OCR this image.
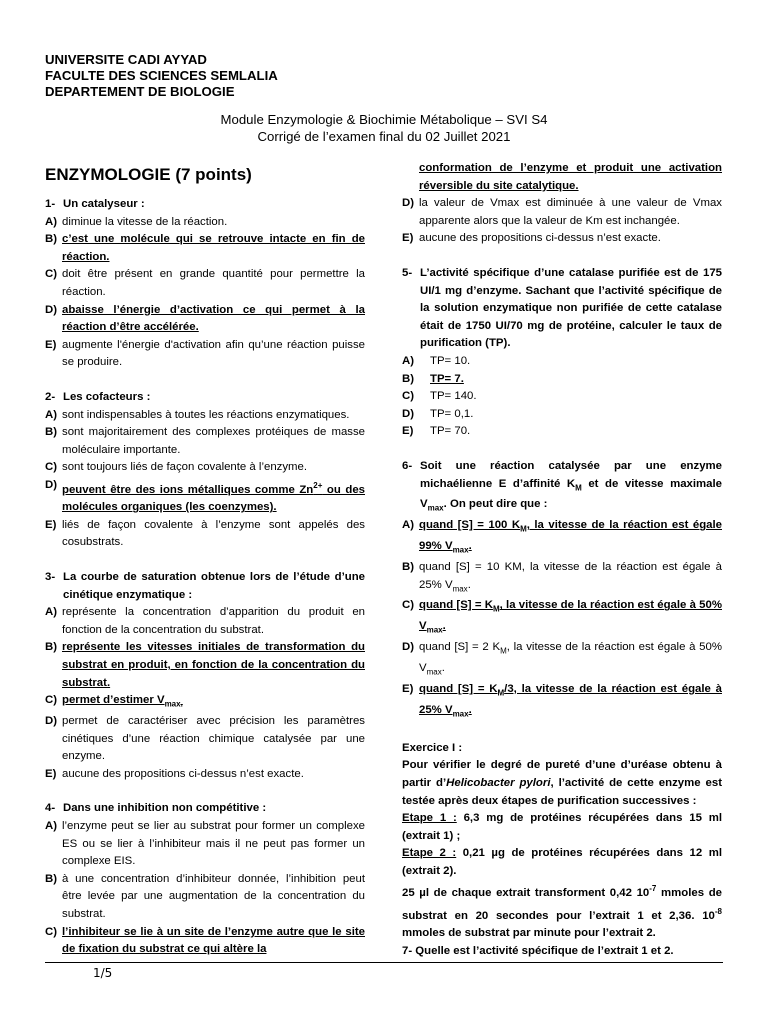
UNIVERSITE CADI AYYAD
FACULTE DES SCIENCES SEMLALIA
DEPARTEMENT DE BIOLOGIE
Module Enzymologie & Biochimie Métabolique – SVI S4
Corrigé de l’examen final du 02 Juillet 2021
ENZYMOLOGIE (7 points)
1- Un catalyseur :
A) diminue la vitesse de la réaction.
B) c’est une molécule qui se retrouve intacte en fin de réaction.
C) doit être présent en grande quantité pour permettre la réaction.
D) abaisse l’énergie d’activation ce qui permet à la réaction d’être accélérée.
E) augmente l'énergie d'activation afin qu’une réaction puisse se produire.
2- Les cofacteurs :
A) sont indispensables à toutes les réactions enzymatiques.
B) sont majoritairement des complexes protéiques de masse moléculaire importante.
C) sont toujours liés de façon covalente à l’enzyme.
D) peuvent être des ions métalliques comme $Zn^{2+}$ ou des molécules organiques (les coenzymes).
E) liés de façon covalente à l’enzyme sont appelés des cosubstrats.
3- La courbe de saturation obtenue lors de l’étude d’une cinétique enzymatique :
A) représente la concentration d’apparition du produit en fonction de la concentration du substrat.
B) représente les vitesses initiales de transformation du substrat en produit, en fonction de la concentration du substrat.
C) permet d’estimer $V_{max.}$
D) permet de caractériser avec précision les paramètres cinétiques d’une réaction chimique catalysée par une enzyme.
E) aucune des propositions ci-dessus n’est exacte.
4- Dans une inhibition non compétitive :
A) l’enzyme peut se lier au substrat pour former un complexe ES ou se lier à l’inhibiteur mais il ne peut pas former un complexe EIS.
B) à une concentration d’inhibiteur donnée, l’inhibition peut être levée par une augmentation de la concentration du substrat.
C) l’inhibiteur se lie à un site de l’enzyme autre que le site de fixation du substrat ce qui altère la
conformation de l’enzyme et produit une activation réversible du site catalytique.
D) la valeur de Vmax est diminuée à une valeur de Vmax apparente alors que la valeur de Km est inchangée.
E) aucune des propositions ci-dessus n’est exacte.
5- L’activité spécifique d’une catalase purifiée est de 175 UI/1 mg d’enzyme. Sachant que l’activité spécifique de la solution enzymatique non purifiée de cette catalase était de 1750 UI/70 mg de protéine, calculer le taux de purification (TP).
A)	TP= 10.
B)	TP= 7.
C)	TP= 140.
D)	TP= 0,1.
E)	TP= 70.
6- Soit une réaction catalysée par une enzyme michaélienne E d’affinité $K_M$ et de vitesse maximale $V_{max}$. On peut dire que :
A) quand [S] = 100 $K_M$, la vitesse de la réaction est égale 99% $V_{max}$.
B) quand [S] = 10 KM, la vitesse de la réaction est égale à 25% $V_{max}$.
C) quand $[S] = K_M$, la vitesse de la réaction est égale à 50% $V_{max}$.
D) quand [S] = 2 $K_M$, la vitesse de la réaction est égale à 50% $V_{max}$.
E) quand $[S] = K_M/3$, la vitesse de la réaction est égale à 25% $V_{max}$.
Exercice I :
Pour vérifier le degré de pureté d’une d’uréase obtenu à partir d’Helicobacter pylori, l’activité de cette enzyme est testée après deux étapes de purification successives :
Etape 1 : 6,3 mg de protéines récupérées dans 15 ml (extrait 1) ;
Etape 2 : 0,21 µg de protéines récupérées dans 12 ml (extrait 2).
25 µl de chaque extrait transforment 0,42 $10^{-7}$ mmoles de substrat en 20 secondes pour l’extrait 1 et 2,36. $10^{-8}$ mmoles de substrat par minute pour l’extrait 2.
7- Quelle est l’activité spécifique de l’extrait 1 et 2.
1/5
